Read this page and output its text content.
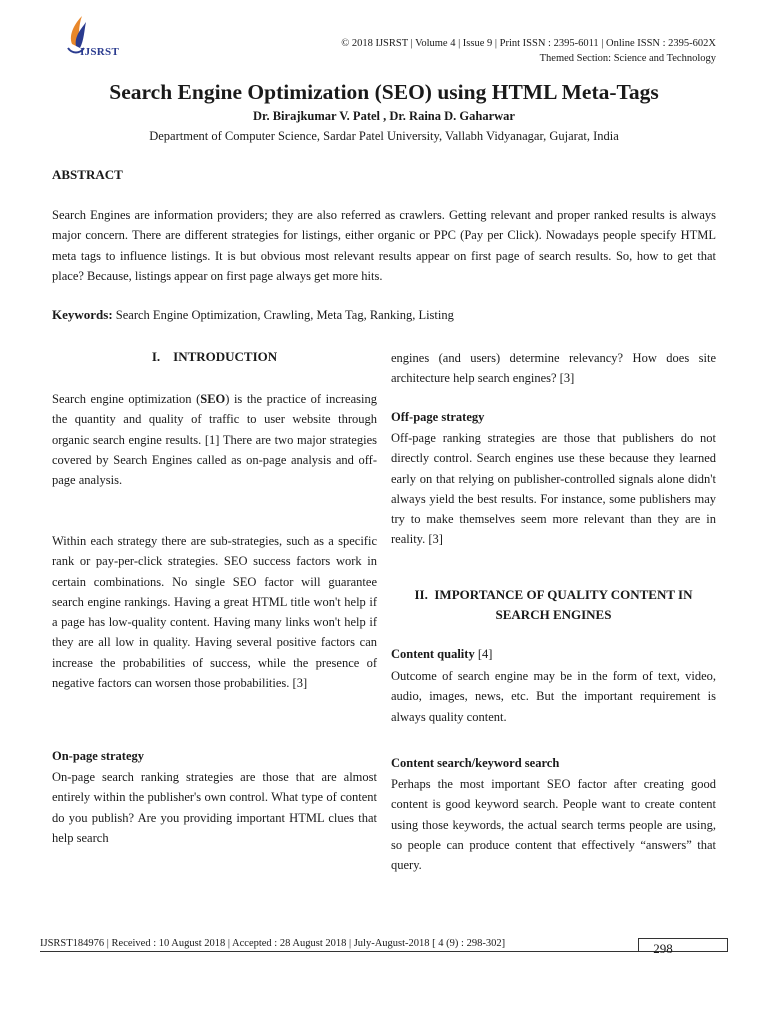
IJSRST
© 2018 IJSRST | Volume 4 | Issue 9 | Print ISSN : 2395-6011 | Online ISSN : 2395-602X
Themed Section: Science and Technology
Search Engine Optimization (SEO) using HTML Meta-Tags
Dr. Birajkumar V. Patel , Dr. Raina D. Gaharwar
Department of Computer Science, Sardar Patel University, Vallabh Vidyanagar, Gujarat, India
ABSTRACT

Search Engines are information providers; they are also referred as crawlers. Getting relevant and proper ranked results is always major concern. There are different strategies for listings, either organic or PPC (Pay per Click). Nowadays people specify HTML meta tags to influence listings. It is but obvious most relevant results appear on first page of search results. So, how to get that place? Because, listings appear on first page always get more hits.

Keywords: Search Engine Optimization, Crawling, Meta Tag, Ranking, Listing
I. INTRODUCTION

Search engine optimization (SEO) is the practice of increasing the quantity and quality of traffic to user website through organic search engine results. [1] There are two major strategies covered by Search Engines called as on-page analysis and off-page analysis.

Within each strategy there are sub-strategies, such as a specific rank or pay-per-click strategies. SEO success factors work in certain combinations. No single SEO factor will guarantee search engine rankings. Having a great HTML title won't help if a page has low-quality content. Having many links won't help if they are all low in quality. Having several positive factors can increase the probabilities of success, while the presence of negative factors can worsen those probabilities. [3]

On-page strategy

On-page search ranking strategies are those that are almost entirely within the publisher's own control. What type of content do you publish? Are you providing important HTML clues that help search

engines (and users) determine relevancy? How does site architecture help search engines? [3]

Off-page strategy

Off-page ranking strategies are those that publishers do not directly control. Search engines use these because they learned early on that relying on publisher-controlled signals alone didn't always yield the best results. For instance, some publishers may try to make themselves seem more relevant than they are in reality. [3]

II. IMPORTANCE OF QUALITY CONTENT IN
SEARCH ENGINES
Content quality [4]

Outcome of search engine may be in the form of text, video, audio, images, news, etc. But the important requirement is always quality content.

Content search/keyword search

Perhaps the most important SEO factor after creating good content is good keyword search. People want to create content using those keywords, the actual search terms people are using, so people can produce content that effectively “answers” that query.

IJSRST184976 | Received : 10 August 2018 | Accepted : 28 August 2018 | July-August-2018 [ 4 (9) : 298-302]	298
